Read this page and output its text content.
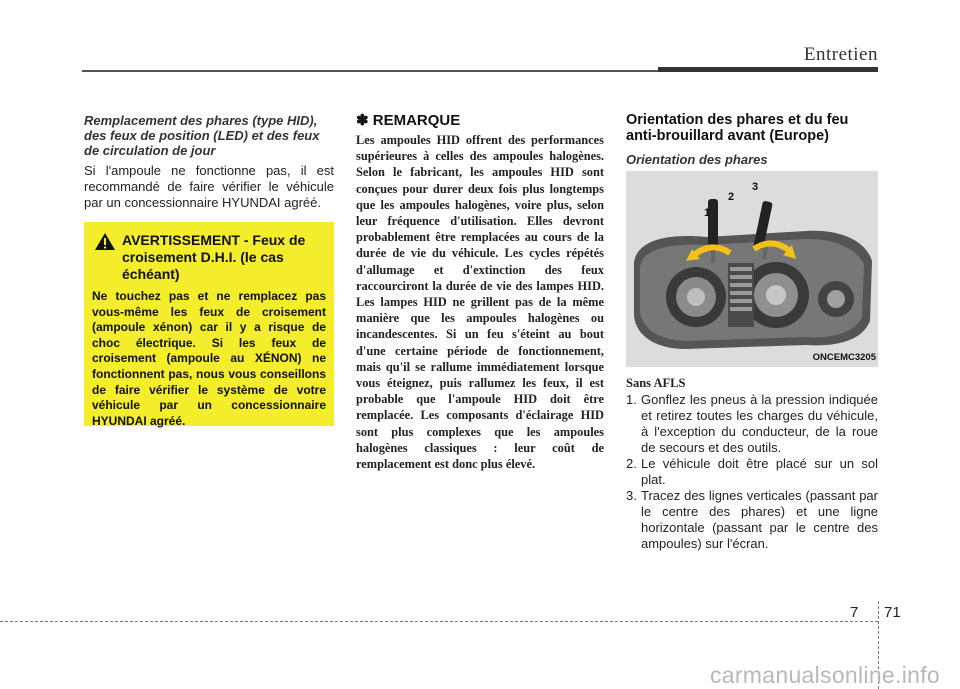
Entretien

Remplacement des phares (type HID), des feux de position (LED) et des feux de circulation de jour

Si l'ampoule ne fonctionne pas, il est recommandé de faire vérifier le véhicule par un concessionnaire HYUNDAI agréé.

AVERTISSEMENT - Feux de croisement D.H.I. (le cas échéant)
Ne touchez pas et ne remplacez pas vous-même les feux de croisement (ampoule xénon) car il y a risque de choc électrique. Si les feux de croisement (ampoule au XÉNON) ne fonctionnent pas, nous vous conseillons de faire vérifier le système de votre véhicule par un concessionnaire HYUNDAI agréé.
✽ REMARQUE
Les ampoules HID offrent des performances supérieures à celles des ampoules halogènes. Selon le fabricant, les ampoules HID sont conçues pour durer deux fois plus longtemps que les ampoules halogènes, voire plus, selon leur fréquence d'utilisation. Elles devront probablement être remplacées au cours de la durée de vie du véhicule. Les cycles répétés d'allumage et d'extinction des feux raccourciront la durée de vie des lampes HID. Les lampes HID ne grillent pas de la même manière que les ampoules halogènes ou incandescentes. Si un feu s'éteint au bout d'une certaine période de fonctionnement, mais qu'il se rallume immédiatement lorsque vous éteignez, puis rallumez les feux, il est probable que l'ampoule HID doit être remplacée. Les composants d'éclairage HID sont plus complexes que les ampoules halogènes classiques : leur coût de remplacement est donc plus élevé.

Orientation des phares et du feu anti-brouillard avant (Europe)

Orientation des phares

1
2
3
ONCEMC3205
Sans AFLS
1. Gonflez les pneus à la pression indiquée et retirez toutes les charges du véhicule, à l'exception du conducteur, de la roue de secours et des outils.
2. Le véhicule doit être placé sur un sol plat.
3. Tracez des lignes verticales (passant par le centre des phares) et une ligne horizontale (passant par le centre des ampoules) sur l'écran.
7 71
carmanualsonline.info
